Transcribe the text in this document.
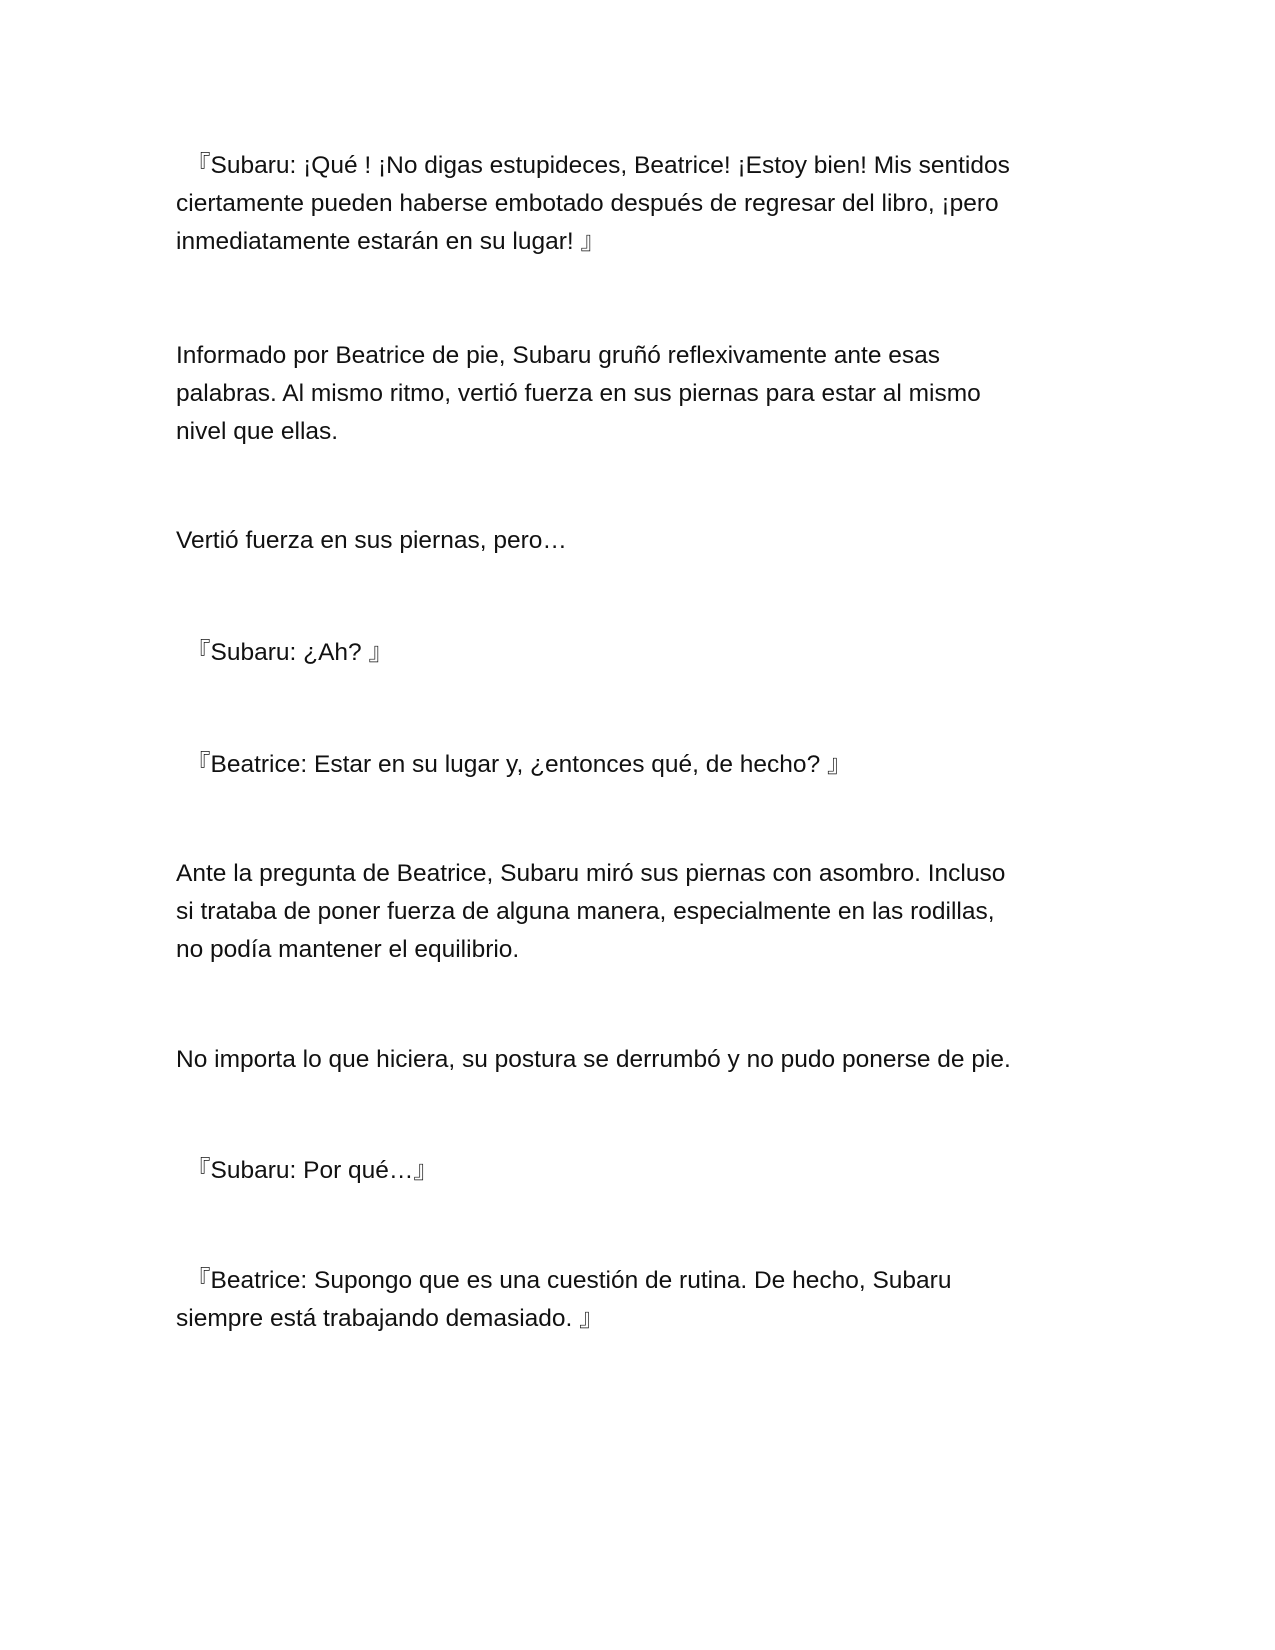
『Subaru: ¡Qué ! ¡No digas estupideces, Beatrice! ¡Estoy bien! Mis sentidos
ciertamente pueden haberse embotado después de regresar del libro, ¡pero
inmediatamente estarán en su lugar! 』

Informado por Beatrice de pie, Subaru gruñó reflexivamente ante esas
palabras. Al mismo ritmo, vertió fuerza en sus piernas para estar al mismo
nivel que ellas.

Vertió fuerza en sus piernas, pero…

『Subaru: ¿Ah? 』

『Beatrice: Estar en su lugar y, ¿entonces qué, de hecho? 』

Ante la pregunta de Beatrice, Subaru miró sus piernas con asombro. Incluso
si trataba de poner fuerza de alguna manera, especialmente en las rodillas,
no podía mantener el equilibrio.

No importa lo que hiciera, su postura se derrumbó y no pudo ponerse de pie.

『Subaru: Por qué…』

『Beatrice: Supongo que es una cuestión de rutina. De hecho, Subaru
siempre está trabajando demasiado. 』
